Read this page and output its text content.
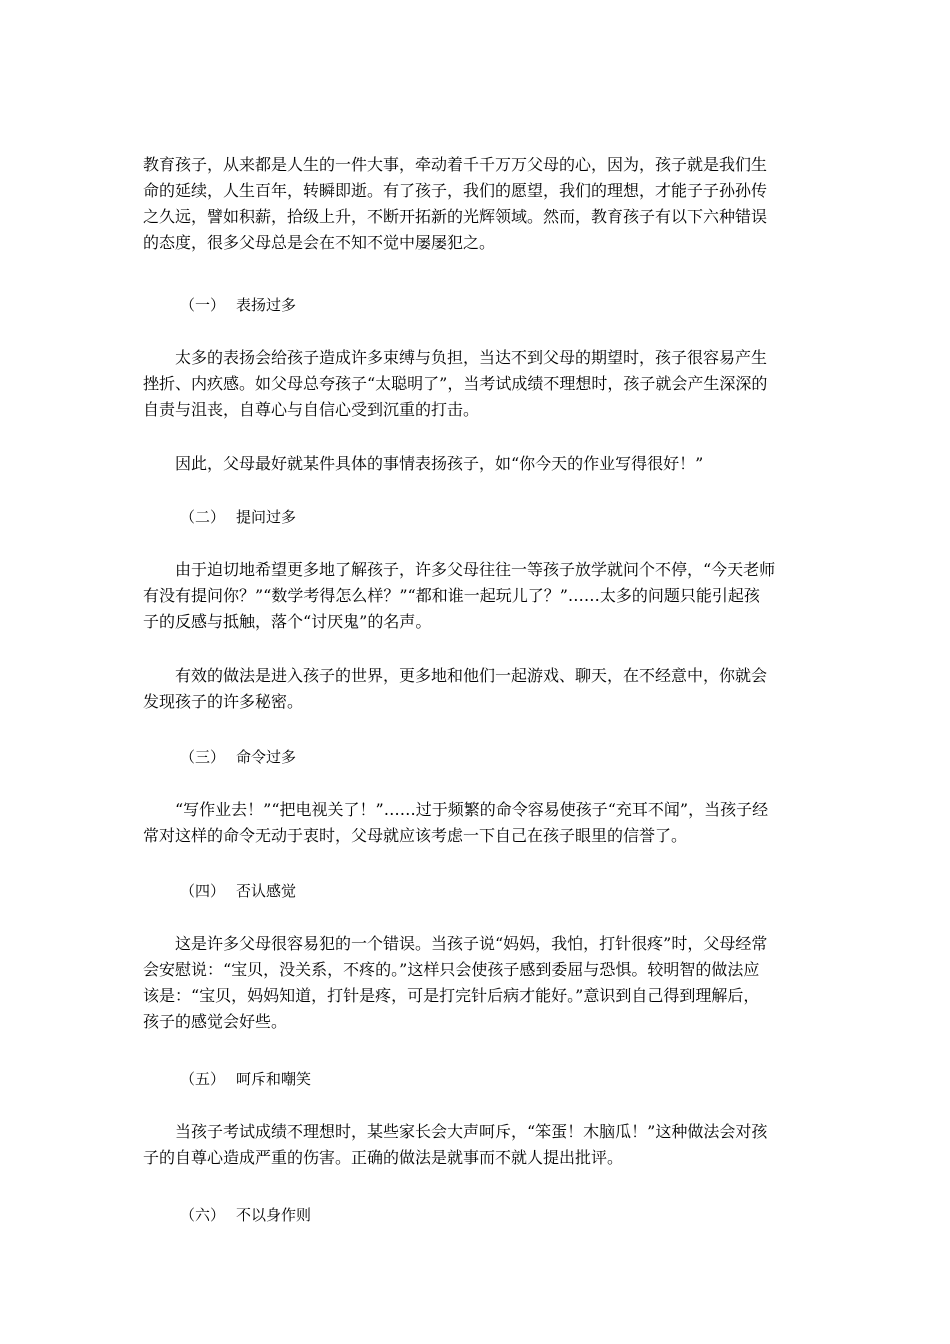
教育孩子，从来都是人生的一件大事，牵动着千千万万父母的心，因为，孩子就是我们生
命的延续，人生百年，转瞬即逝。有了孩子，我们的愿望，我们的理想，才能子子孙孙传
之久远，譬如积薪，拾级上升，不断开拓新的光辉领域。然而，教育孩子有以下六种错误
的态度，很多父母总是会在不知不觉中屡屡犯之。
（一） 表扬过多
　　太多的表扬会给孩子造成许多束缚与负担，当达不到父母的期望时，孩子很容易产生
挫折、内疚感。如父母总夸孩子“太聪明了”，当考试成绩不理想时，孩子就会产生深深的
自责与沮丧，自尊心与自信心受到沉重的打击。
　　因此，父母最好就某件具体的事情表扬孩子，如“你今天的作业写得很好！”
（二） 提问过多
　　由于迫切地希望更多地了解孩子，许多父母往往一等孩子放学就问个不停，“今天老师
有没有提问你？”“数学考得怎么样？”“都和谁一起玩儿了？”……太多的问题只能引起孩
子的反感与抵触，落个“讨厌鬼”的名声。
　　有效的做法是进入孩子的世界，更多地和他们一起游戏、聊天，在不经意中，你就会
发现孩子的许多秘密。
（三） 命令过多
　　“写作业去！”“把电视关了！”……过于频繁的命令容易使孩子“充耳不闻”，当孩子经
常对这样的命令无动于衷时，父母就应该考虑一下自己在孩子眼里的信誉了。
（四） 否认感觉
　　这是许多父母很容易犯的一个错误。当孩子说“妈妈，我怕，打针很疼”时，父母经常
会安慰说：“宝贝，没关系，不疼的。”这样只会使孩子感到委屈与恐惧。较明智的做法应
该是：“宝贝，妈妈知道，打针是疼，可是打完针后病才能好。”意识到自己得到理解后，
孩子的感觉会好些。
（五） 呵斥和嘲笑
　　当孩子考试成绩不理想时，某些家长会大声呵斥，“笨蛋！木脑瓜！”这种做法会对孩
子的自尊心造成严重的伤害。正确的做法是就事而不就人提出批评。
（六） 不以身作则
